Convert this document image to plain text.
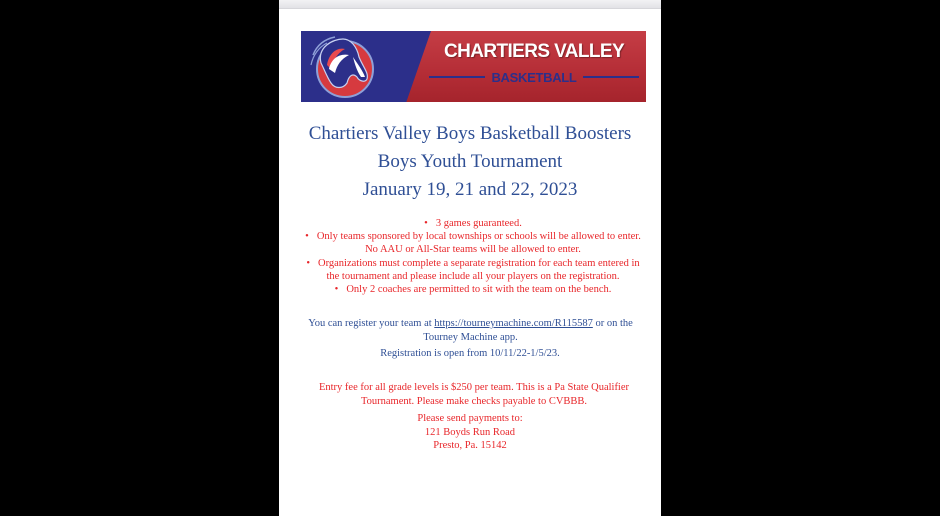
CHARTIERS VALLEY
BASKETBALL
Chartiers Valley Boys Basketball Boosters
Boys Youth Tournament
January 19, 21 and 22, 2023
• 3 games guaranteed.
• Only teams sponsored by local townships or schools will be allowed to enter. No AAU or All-Star teams will be allowed to enter.
• Organizations must complete a separate registration for each team entered in the tournament and please include all your players on the registration.
• Only 2 coaches are permitted to sit with the team on the bench.
You can register your team at https://tourneymachine.com/R115587 or on the Tourney Machine app.
Registration is open from 10/11/22-1/5/23.
Entry fee for all grade levels is $250 per team. This is a Pa State Qualifier Tournament. Please make checks payable to CVBBB.
Please send payments to:
121 Boyds Run Road
Presto, Pa. 15142
